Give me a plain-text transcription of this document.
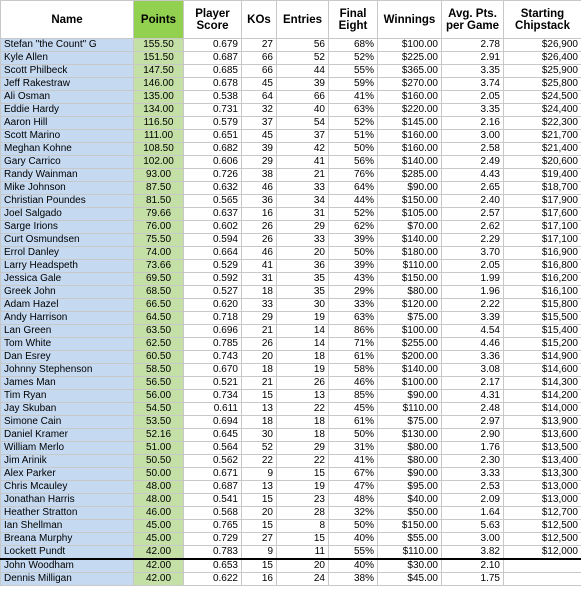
Name	Points	Player Score	KOs	Entries	Final Eight	Winnings	Avg. Pts. per Game	Starting Chipstack
Stefan "the Count" G	155.50	0.679	27	56	68%	$100.00	2.78	$26,900
Kyle Allen	151.50	0.687	66	52	52%	$225.00	2.91	$26,400
Scott Philbeck	147.50	0.685	66	44	55%	$365.00	3.35	$25,900
Jeff Rakestraw	146.00	0.678	45	39	59%	$270.00	3.74	$25,800
Ali Osman	135.00	0.538	64	66	41%	$160.00	2.05	$24,500
Eddie Hardy	134.00	0.731	32	40	63%	$220.00	3.35	$24,400
Aaron Hill	116.50	0.579	37	54	52%	$145.00	2.16	$22,300
Scott Marino	111.00	0.651	45	37	51%	$160.00	3.00	$21,700
Meghan Kohne	108.50	0.682	39	42	50%	$160.00	2.58	$21,400
Gary Carrico	102.00	0.606	29	41	56%	$140.00	2.49	$20,600
Randy Wainman	93.00	0.726	38	21	76%	$285.00	4.43	$19,400
Mike Johnson	87.50	0.632	46	33	64%	$90.00	2.65	$18,700
Christian Poundes	81.50	0.565	36	34	44%	$150.00	2.40	$17,900
Joel Salgado	79.66	0.637	16	31	52%	$105.00	2.57	$17,600
Sarge Irions	76.00	0.602	26	29	62%	$70.00	2.62	$17,100
Curt Osmundsen	75.50	0.594	26	33	39%	$140.00	2.29	$17,100
Errol Danley	74.00	0.664	46	20	50%	$180.00	3.70	$16,900
Larry Headspeth	73.66	0.529	41	36	39%	$110.00	2.05	$16,800
Jessica Gale	69.50	0.592	31	35	43%	$150.00	1.99	$16,200
Greek John	68.50	0.527	18	35	29%	$80.00	1.96	$16,100
Adam Hazel	66.50	0.620	33	30	33%	$120.00	2.22	$15,800
Andy Harrison	64.50	0.718	29	19	63%	$75.00	3.39	$15,500
Lan Green	63.50	0.696	21	14	86%	$100.00	4.54	$15,400
Tom White	62.50	0.785	26	14	71%	$255.00	4.46	$15,200
Dan Esrey	60.50	0.743	20	18	61%	$200.00	3.36	$14,900
Johnny Stephenson	58.50	0.670	18	19	58%	$140.00	3.08	$14,600
James Man	56.50	0.521	21	26	46%	$100.00	2.17	$14,300
Tim Ryan	56.00	0.734	15	13	85%	$90.00	4.31	$14,200
Jay Skuban	54.50	0.611	13	22	45%	$110.00	2.48	$14,000
Simone Cain	53.50	0.694	18	18	61%	$75.00	2.97	$13,900
Daniel Kramer	52.16	0.645	30	18	50%	$130.00	2.90	$13,600
William Merlo	51.00	0.564	52	29	31%	$80.00	1.76	$13,500
Jim Arinik	50.50	0.562	22	22	41%	$80.00	2.30	$13,400
Alex Parker	50.00	0.671	9	15	67%	$90.00	3.33	$13,300
Chris Mcauley	48.00	0.687	13	19	47%	$95.00	2.53	$13,000
Jonathan Harris	48.00	0.541	15	23	48%	$40.00	2.09	$13,000
Heather Stratton	46.00	0.568	20	28	32%	$50.00	1.64	$12,700
Ian Shellman	45.00	0.765	15	8	50%	$150.00	5.63	$12,500
Breana Murphy	45.00	0.729	27	15	40%	$55.00	3.00	$12,500
Lockett Pundt	42.00	0.783	9	11	55%	$110.00	3.82	$12,000
John Woodham	42.00	0.653	15	20	40%	$30.00	2.10	
Dennis Milligan	42.00	0.622	16	24	38%	$45.00	1.75	
